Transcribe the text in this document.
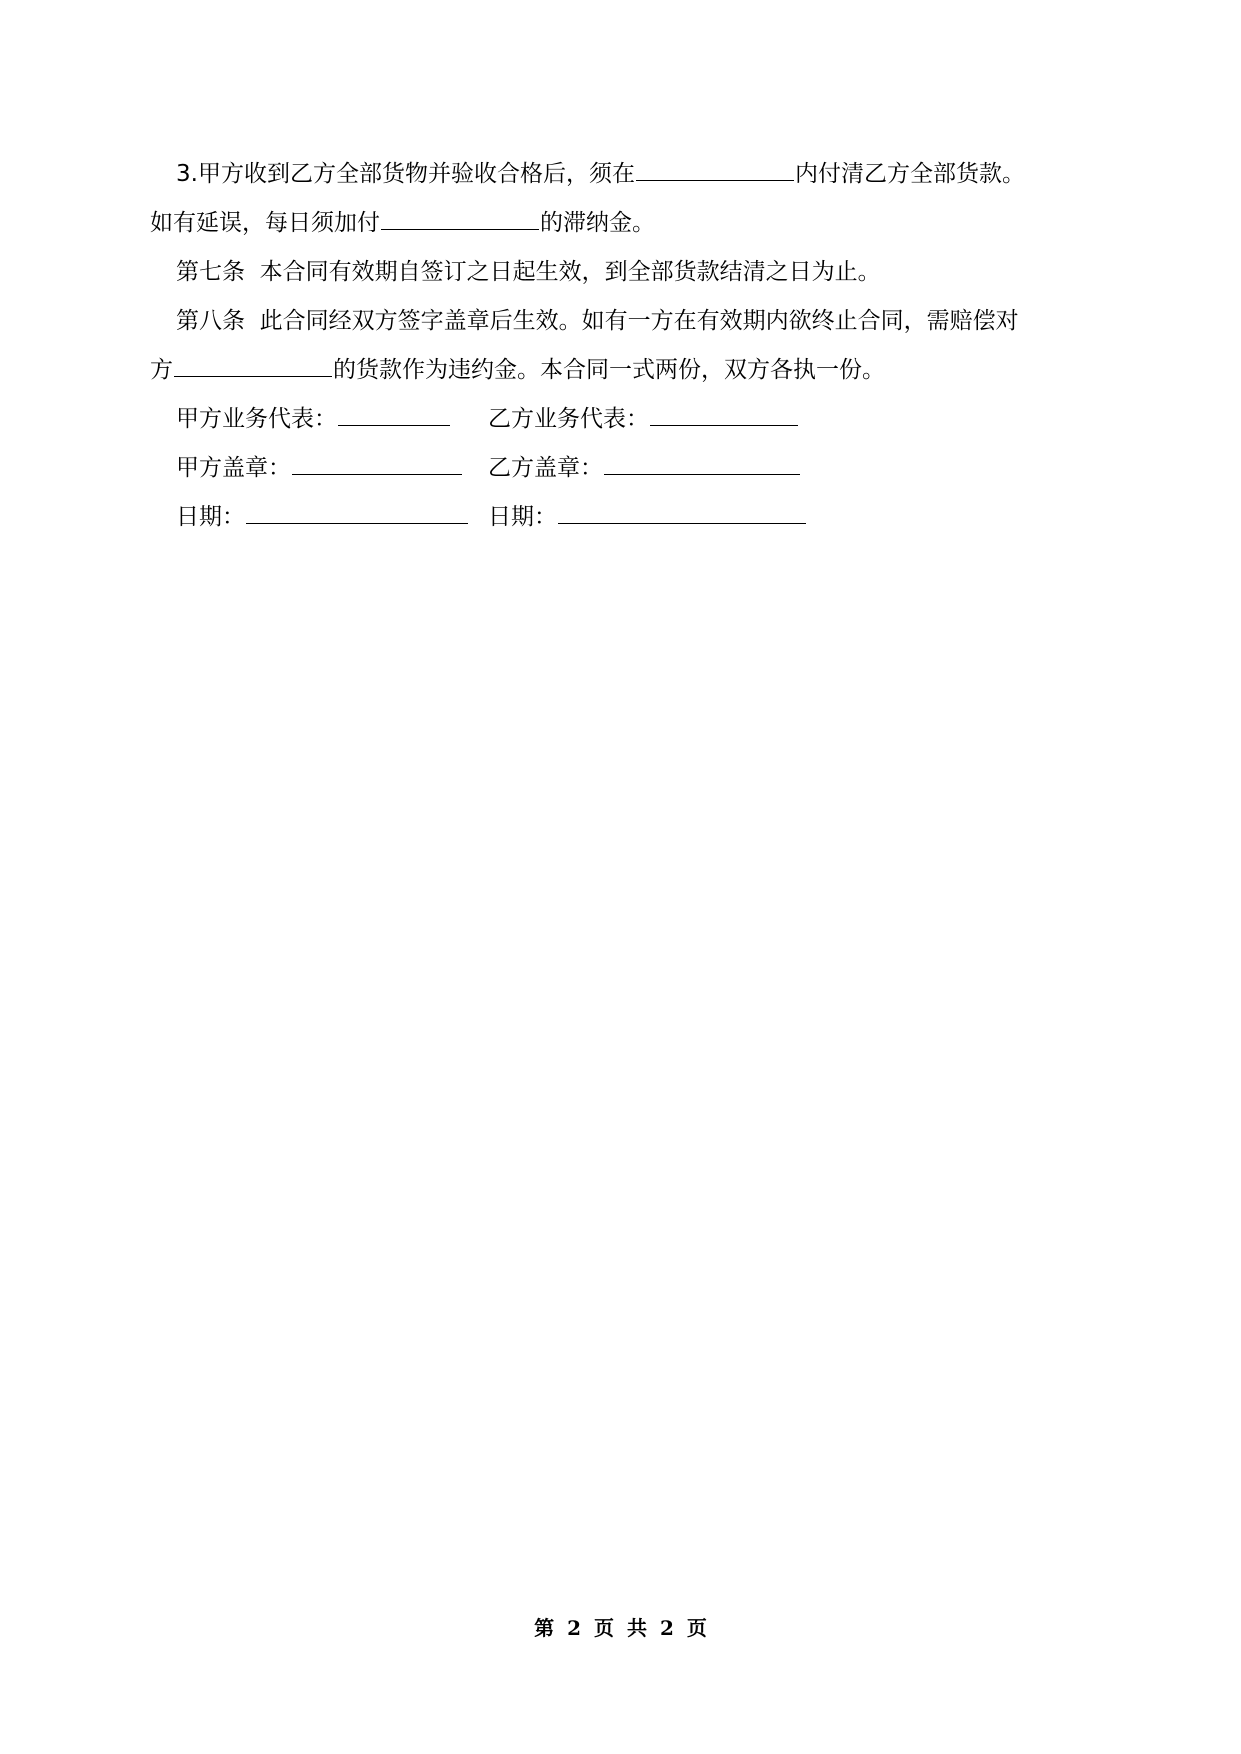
3.甲方收到乙方全部货物并验收合格后，须在	内付清乙方全部货款。
如有延误，每日须加付	的滞纳金。
第七条  本合同有效期自签订之日起生效，到全部货款结清之日为止。
第八条  此合同经双方签字盖章后生效。如有一方在有效期内欲终止合同，需赔偿对
方	的货款作为违约金。本合同一式两份，双方各执一份。
甲方业务代表：	乙方业务代表：
甲方盖章：	乙方盖章：
日期：	日期：
第 2 页 共 2 页
